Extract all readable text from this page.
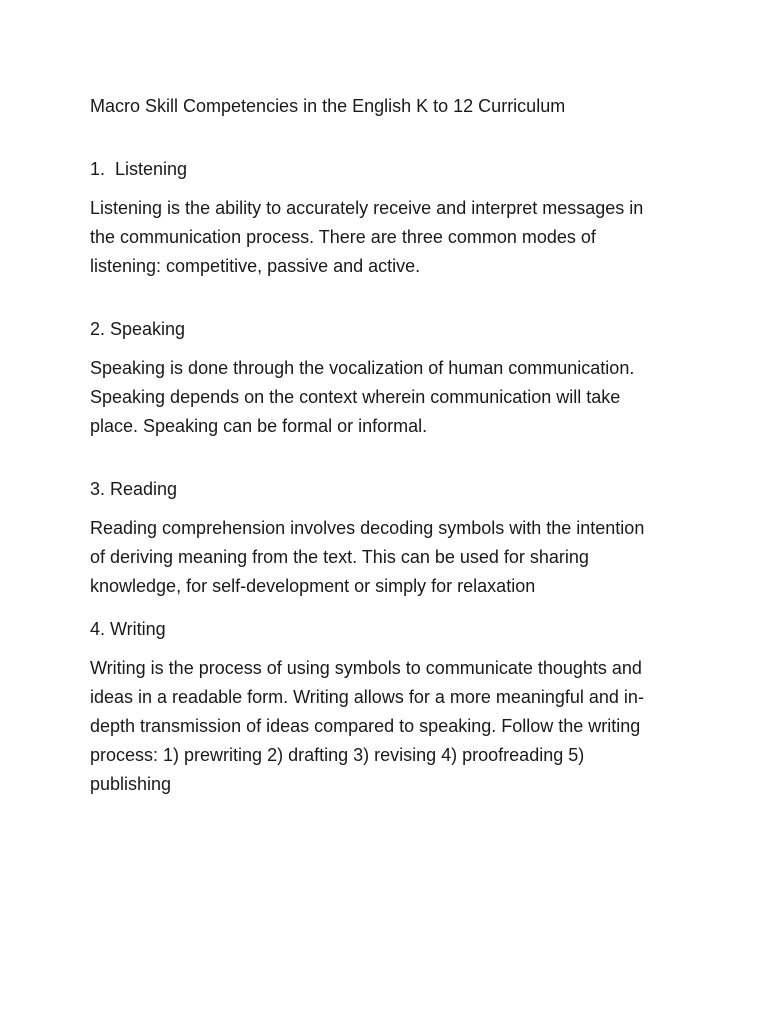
Macro Skill Competencies in the English K to 12 Curriculum
1.  Listening

Listening is the ability to accurately receive and interpret messages in
the communication process. There are three common modes of
listening: competitive, passive and active.

2. Speaking

Speaking is done through the vocalization of human communication.
Speaking depends on the context wherein communication will take
place. Speaking can be formal or informal.

3. Reading

Reading comprehension involves decoding symbols with the intention
of deriving meaning from the text. This can be used for sharing
knowledge, for self-development or simply for relaxation

4. Writing

Writing is the process of using symbols to communicate thoughts and
ideas in a readable form. Writing allows for a more meaningful and in-
depth transmission of ideas compared to speaking. Follow the writing
process: 1) prewriting 2) drafting 3) revising 4) proofreading 5)
publishing
